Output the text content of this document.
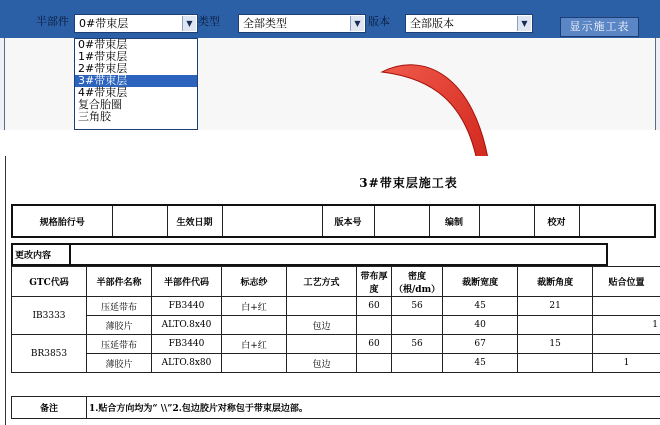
半部件 0#带束层	▼ 类型	全部类型	▼ 版本	全部版本	▼	显示施工表
0#带束层
1#带束层
2#带束层
3#带束层
4#带束层
复合胎圈
三角胶
3#带束层施工表
规格胎行号		生效日期		版本号		编制		校对	
更改内容	
GTC代码	半部件名称	半部件代码	标志纱	工艺方式	带布厚度	密度（根/dm）	裁断宽度	裁断角度	贴合位置
IB3333	压延带布	FB3440	白+红		60	56	45	21	
	薄胶片	ALTO.8x40		包边			40		1
BR3853	压延带布	FB3440	白+红		60	56	67	15	
	薄胶片	ALTO.8x80		包边			45		1
备注	1.贴合方向均为“ \\”2.包边胶片对称包于带束层边部。
